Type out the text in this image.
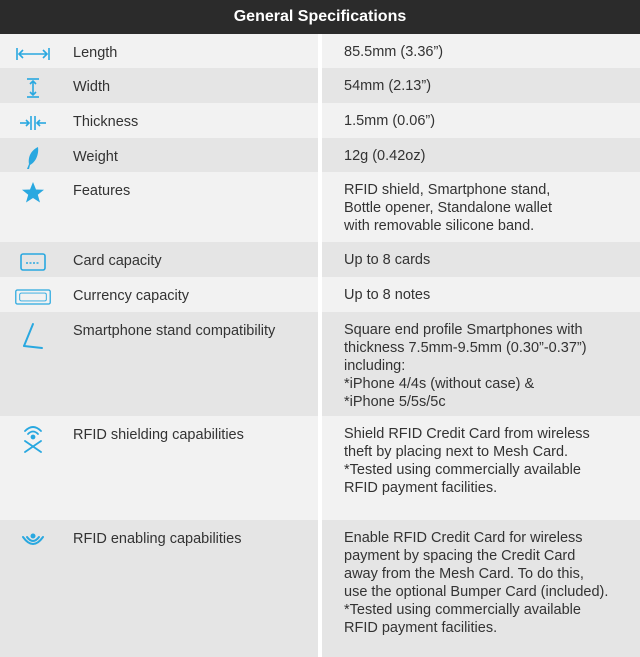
General Specifications
Length	85.5mm (3.36”)
Width	54mm (2.13”)
Thickness	1.5mm (0.06”)
Weight	12g (0.42oz)
Features	RFID shield, Smartphone stand,
Bottle opener, Standalone wallet
with removable silicone band.
Card capacity	Up to 8 cards
Currency capacity	Up to 8 notes
Smartphone stand compatibility	Square end profile Smartphones with
thickness 7.5mm-9.5mm (0.30”-0.37”)
including:
*iPhone 4/4s (without case) &
*iPhone 5/5s/5c
RFID shielding capabilities	Shield RFID Credit Card from wireless
theft by placing next to Mesh Card.
*Tested using commercially available
RFID payment facilities.
RFID enabling capabilities	Enable RFID Credit Card for wireless
payment by spacing the Credit Card
away from the Mesh Card. To do this,
use the optional Bumper Card (included).
*Tested using commercially available
RFID payment facilities.
